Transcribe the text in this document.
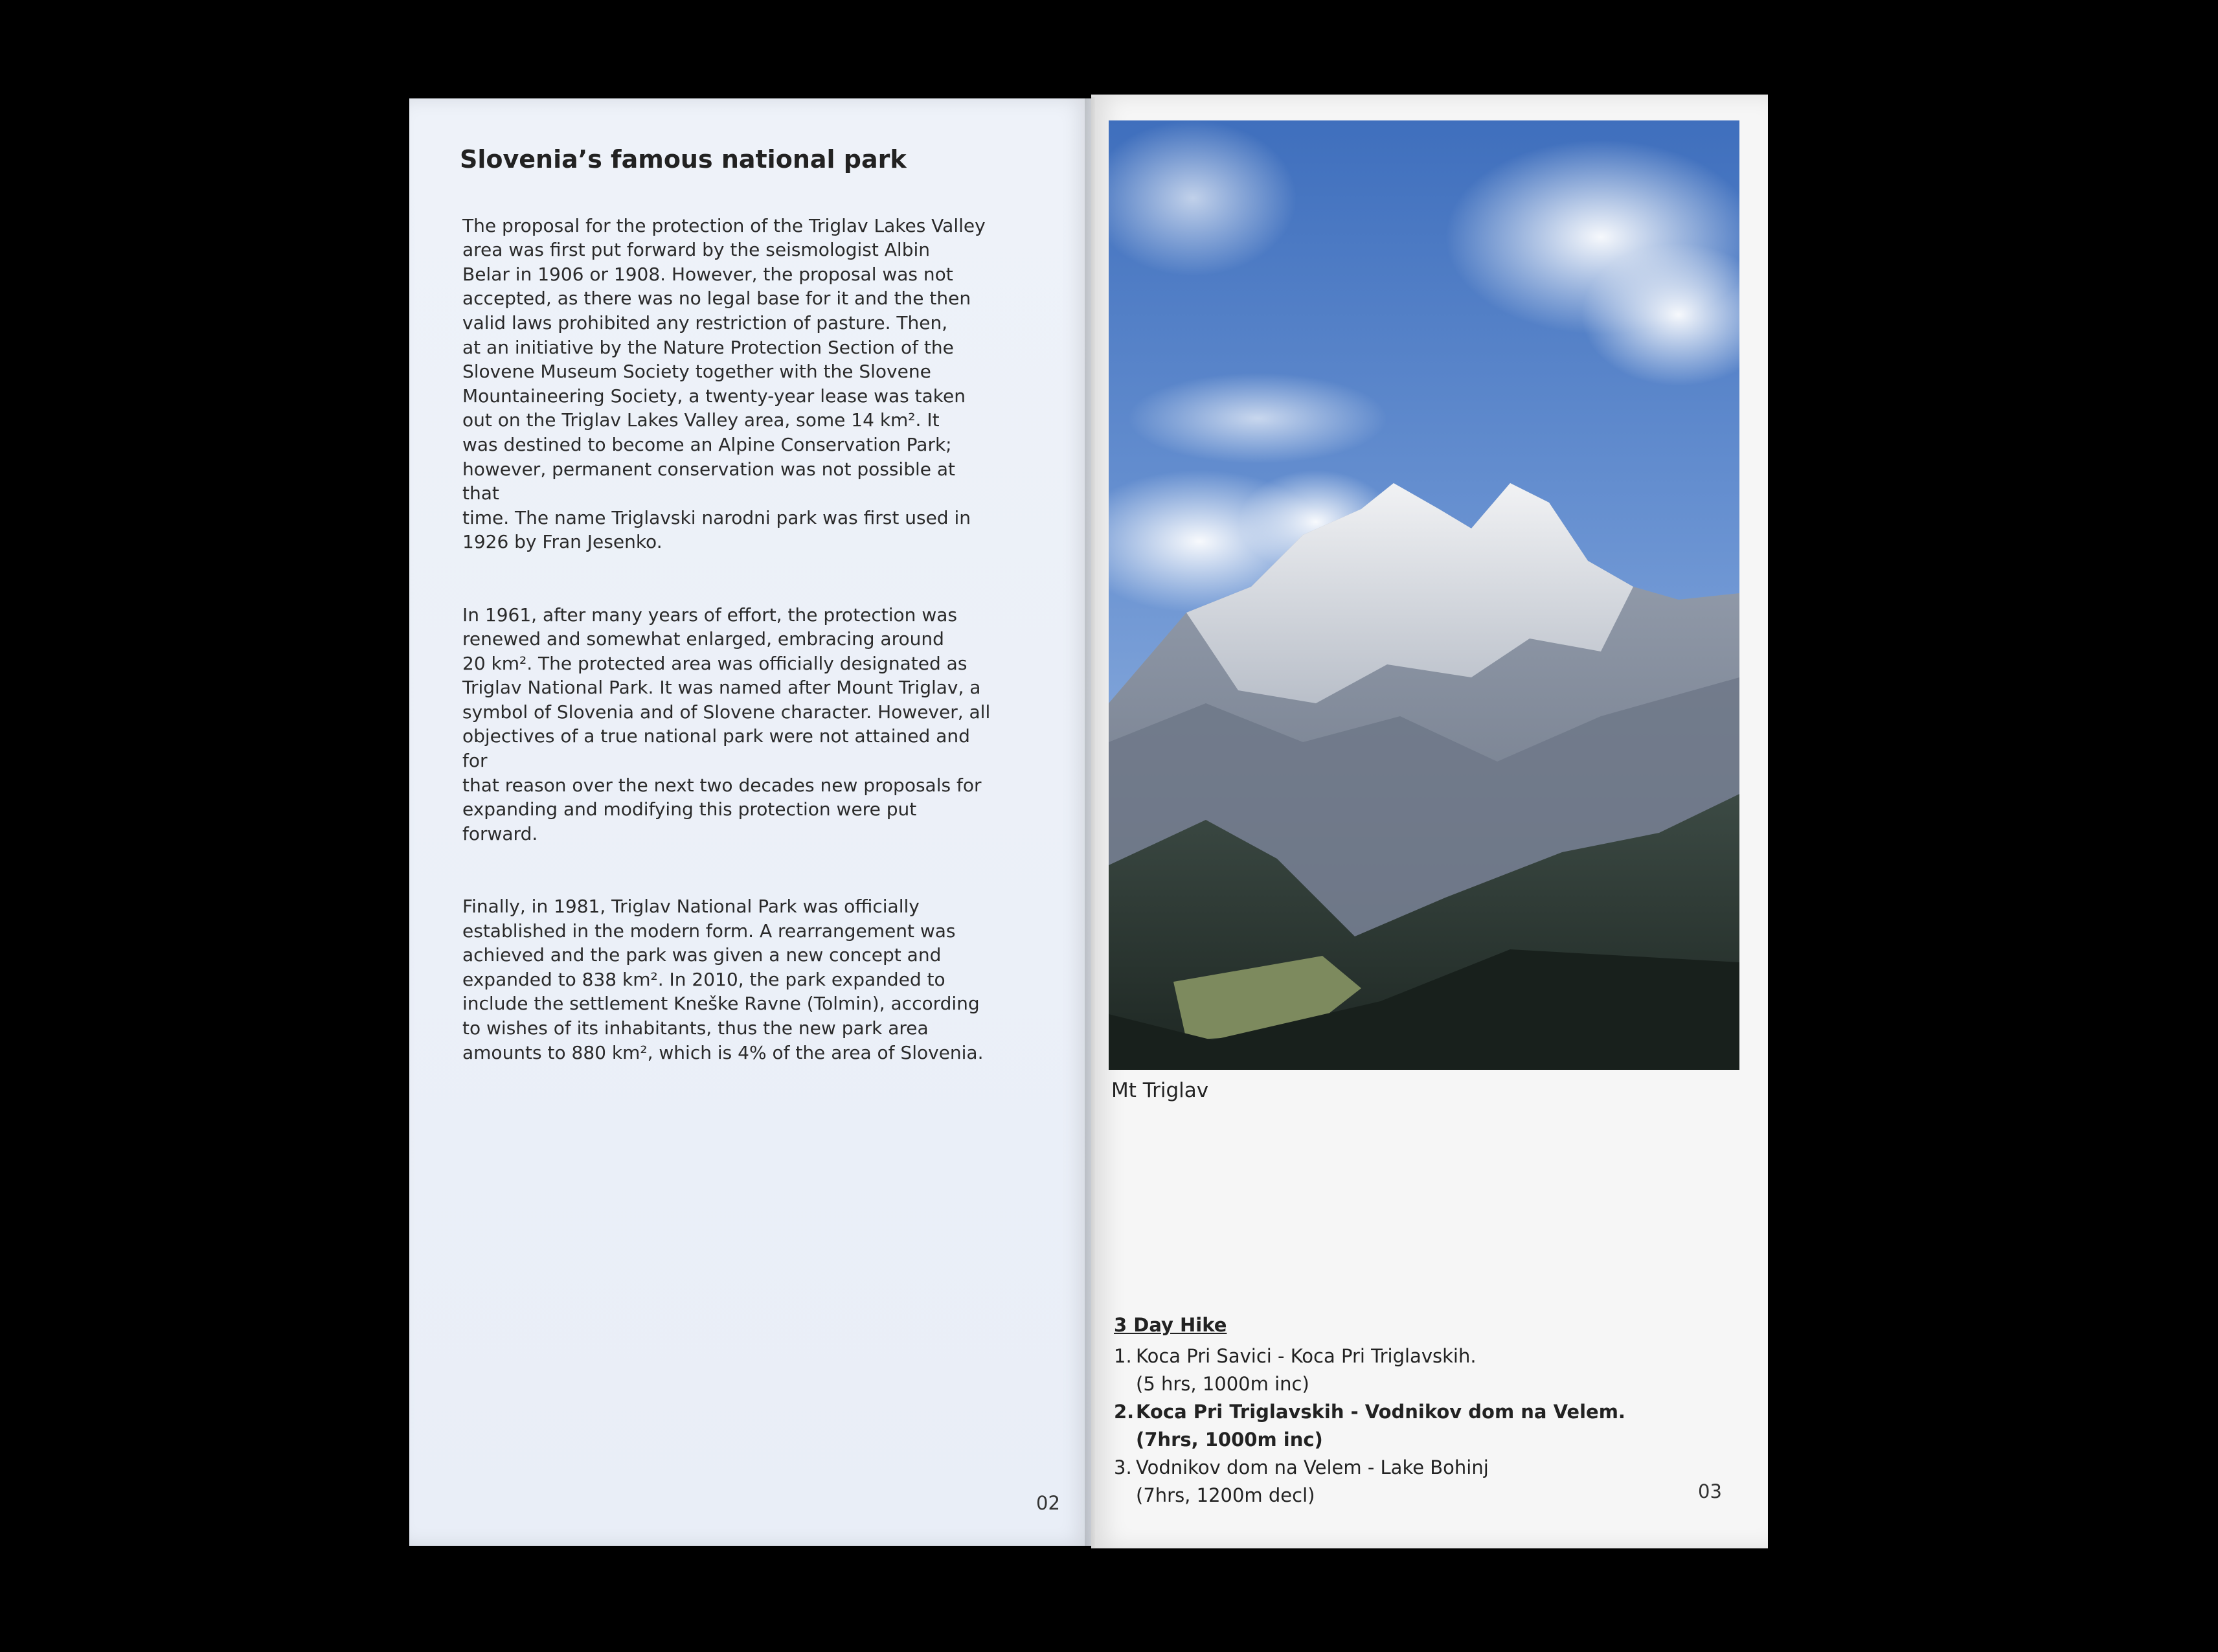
Slovenia’s famous national park

The proposal for the protection of the Triglav Lakes Valley
area was first put forward by the seismologist Albin
Belar in 1906 or 1908. However, the proposal was not
accepted, as there was no legal base for it and the then
valid laws prohibited any restriction of pasture. Then,
at an initiative by the Nature Protection Section of the
Slovene Museum Society together with the Slovene
Mountaineering Society, a twenty-year lease was taken
out on the Triglav Lakes Valley area, some 14 km². It
was destined to become an Alpine Conservation Park;
however, permanent conservation was not possible at that
time. The name Triglavski narodni park was first used in
1926 by Fran Jesenko.

In 1961, after many years of effort, the protection was
renewed and somewhat enlarged, embracing around
20 km². The protected area was officially designated as
Triglav National Park. It was named after Mount Triglav, a
symbol of Slovenia and of Slovene character. However, all
objectives of a true national park were not attained and for
that reason over the next two decades new proposals for
expanding and modifying this protection were put forward.

Finally, in 1981, Triglav National Park was officially
established in the modern form. A rearrangement was
achieved and the park was given a new concept and
expanded to 838 km². In 2010, the park expanded to
include the settlement Kneške Ravne (Tolmin), according
to wishes of its inhabitants, thus the new park area
amounts to 880 km², which is 4% of the area of Slovenia.

02
Mt Triglav
3 Day Hike
1. Koca Pri Savici - Koca Pri Triglavskih.
(5 hrs, 1000m inc)
2. Koca Pri Triglavskih - Vodnikov dom na Velem.
(7hrs, 1000m inc)
3. Vodnikov dom na Velem - Lake Bohinj
(7hrs, 1200m decl)	03
